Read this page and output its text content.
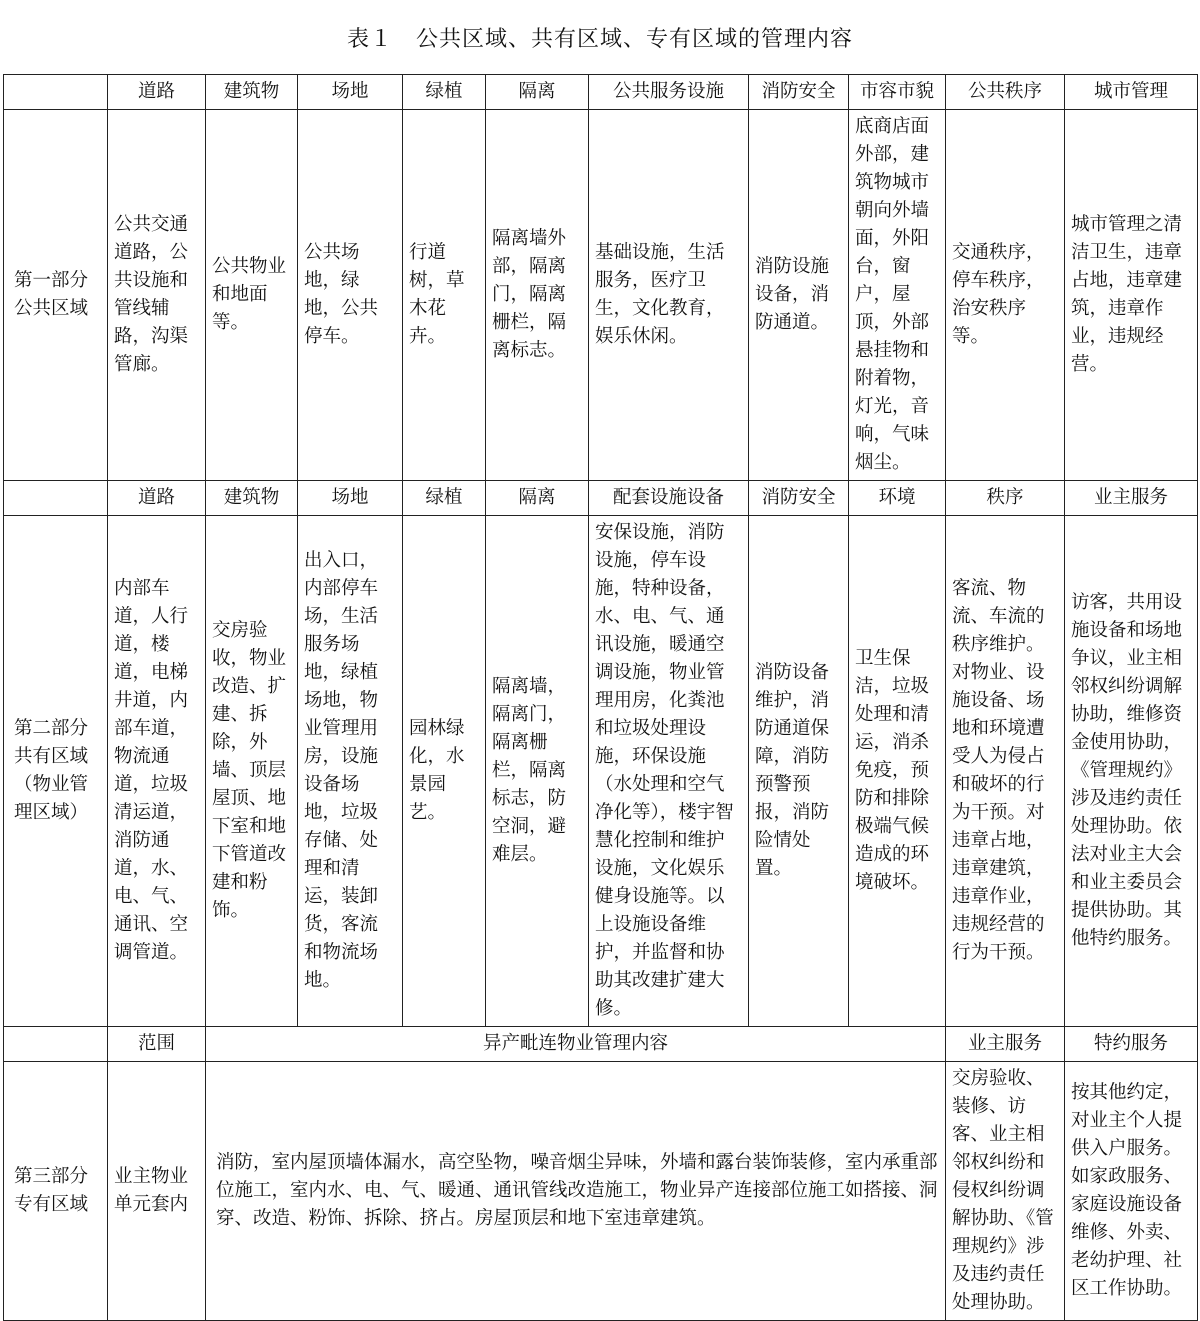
表１　公共区域、共有区域、专有区域的管理内容
	道路	建筑物	场地	绿植	隔离	公共服务设施	消防安全	市容市貌	公共秩序	城市管理
第一部分
公共区域	公共交通道路，公共设施和管线辅路，沟渠管廊。	公共物业和地面等。	公共场地，绿地，公共停车。	行道树，草木花卉。	隔离墙外部，隔离门，隔离栅栏，隔离标志。	基础设施，生活服务，医疗卫生，文化教育，娱乐休闲。	消防设施设备，消防通道。	底商店面外部，建筑物城市朝向外墙面，外阳台，窗户，屋顶，外部悬挂物和附着物，灯光，音响，气味烟尘。	交通秩序，停车秩序，治安秩序等。	城市管理之清洁卫生，违章占地，违章建筑，违章作业，违规经营。
	道路	建筑物	场地	绿植	隔离	配套设施设备	消防安全	环境	秩序	业主服务
第二部分
共有区域
（物业管
理区域）	内部车道，人行道，楼道，电梯井道，内部车道，物流通道，垃圾清运道，消防通道，水、电、气、通讯、空调管道。	交房验收，物业改造、扩建、拆除，外墙、顶层屋顶、地下室和地下管道改建和粉饰。	出入口，内部停车场，生活服务场地，绿植场地，物业管理用房，设施设备场地，垃圾存储、处理和清运，装卸货，客流和物流场地。	园林绿化，水景园艺。	隔离墙，隔离门，隔离栅栏，隔离标志，防空洞，避难层。	安保设施，消防设施，停车设施，特种设备，水、电、气、通讯设施，暖通空调设施，物业管理用房，化粪池和垃圾处理设施，环保设施（水处理和空气净化等），楼宇智慧化控制和维护设施，文化娱乐健身设施等。以上设施设备维护，并监督和协助其改建扩建大修。	消防设备维护，消防通道保障，消防预警预报，消防险情处置。	卫生保洁，垃圾处理和清运，消杀免疫，预防和排除极端气候造成的环境破坏。	客流、物流、车流的秩序维护。对物业、设施设备、场地和环境遭受人为侵占和破坏的行为干预。对违章占地，违章建筑，违章作业，违规经营的行为干预。	访客，共用设施设备和场地争议，业主相邻权纠纷调解协助，维修资金使用协助，《管理规约》涉及违约责任处理协助。依法对业主大会和业主委员会提供协助。其他特约服务。
	范围	异产毗连物业管理内容							业主服务	特约服务
第三部分
专有区域	业主物业单元套内	消防，室内屋顶墙体漏水，高空坠物，噪音烟尘异味，外墙和露台装饰装修，室内承重部位施工，室内水、电、气、暖通、通讯管线改造施工，物业异产连接部位施工如搭接、洞穿、改造、粉饰、拆除、挤占。房屋顶层和地下室违章建筑。							交房验收、装修、访客、业主相邻权纠纷和侵权纠纷调解协助、《管理规约》涉及违约责任处理协助。	按其他约定，对业主个人提供入户服务。如家政服务、家庭设施设备维修、外卖、老幼护理、社区工作协助。
